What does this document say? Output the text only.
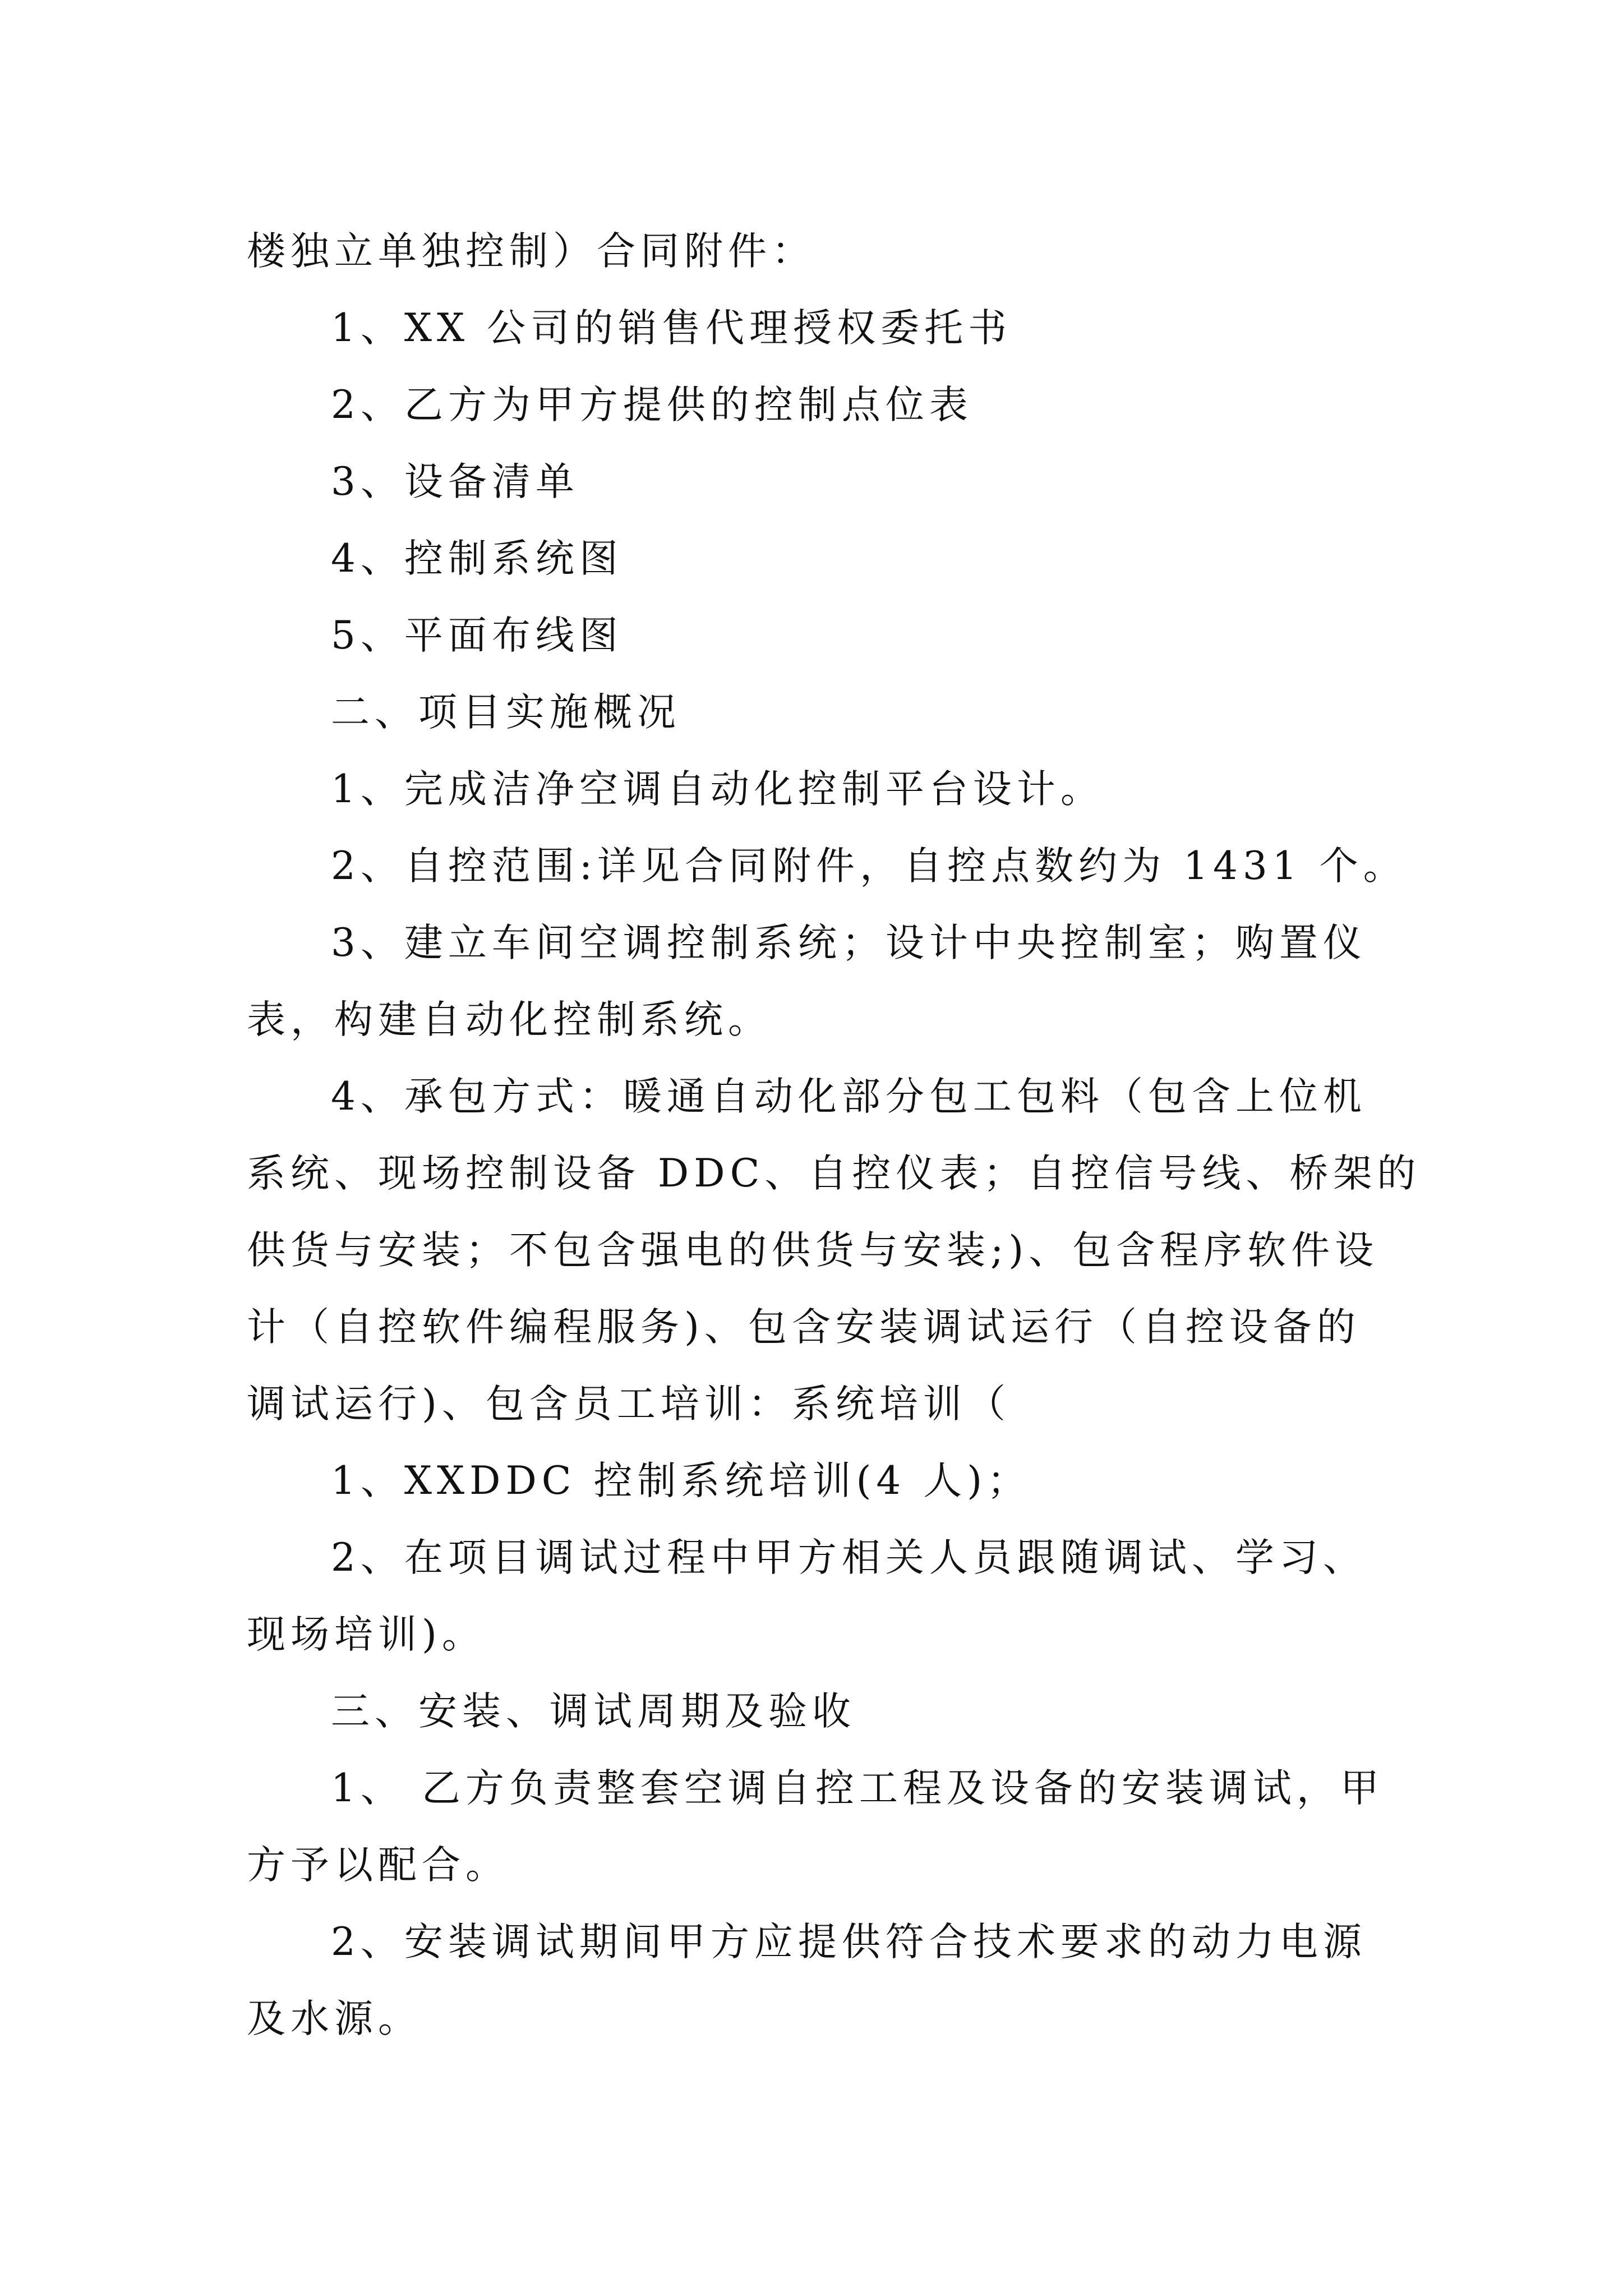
楼独立单独控制）合同附件：
1、XX 公司的销售代理授权委托书
2、乙方为甲方提供的控制点位表
3、设备清单
4、控制系统图
5、平面布线图
二、项目实施概况
1、完成洁净空调自动化控制平台设计。
2、自控范围:详见合同附件，自控点数约为 1431 个。
3、建立车间空调控制系统；设计中央控制室；购置仪
表，构建自动化控制系统。
4、承包方式：暖通自动化部分包工包料（包含上位机
系统、现场控制设备 DDC、自控仪表；自控信号线、桥架的
供货与安装；不包含强电的供货与安装;)、包含程序软件设
计（自控软件编程服务)、包含安装调试运行（自控设备的
调试运行)、包含员工培训：系统培训（
1、XXDDC 控制系统培训(4 人)；
2、在项目调试过程中甲方相关人员跟随调试、学习、
现场培训)。
三、安装、调试周期及验收
1、 乙方负责整套空调自控工程及设备的安装调试，甲
方予以配合。
2、安装调试期间甲方应提供符合技术要求的动力电源
及水源。
